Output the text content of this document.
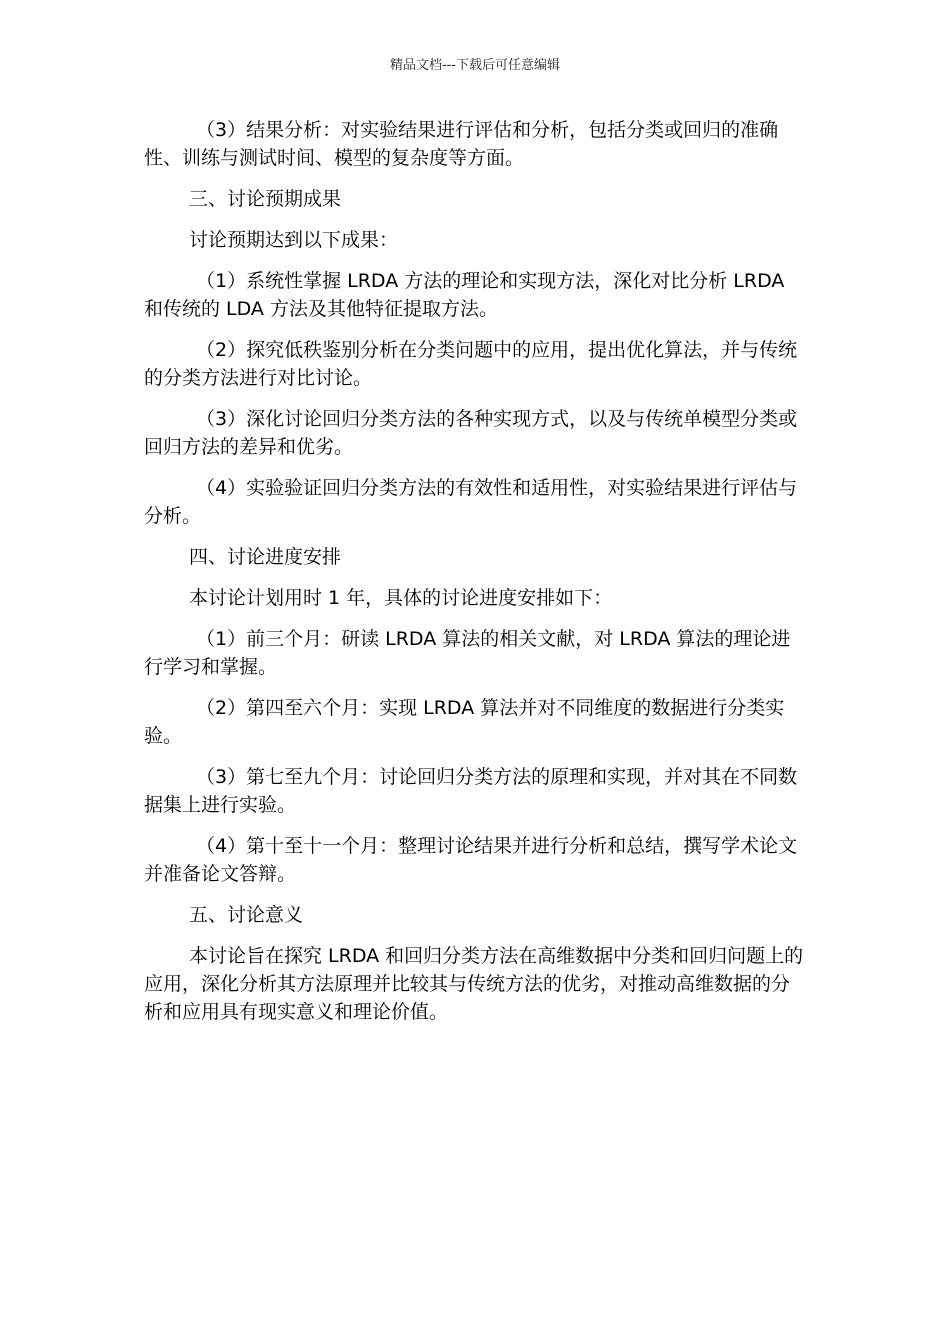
精品文档---下载后可任意编辑

（3）结果分析：对实验结果进行评估和分析，包括分类或回归的准确性、训练与测试时间、模型的复杂度等方面。

三、讨论预期成果

讨论预期达到以下成果：

（1）系统性掌握 LRDA 方法的理论和实现方法，深化对比分析 LRDA 和传统的 LDA 方法及其他特征提取方法。

（2）探究低秩鉴别分析在分类问题中的应用，提出优化算法，并与传统的分类方法进行对比讨论。

（3）深化讨论回归分类方法的各种实现方式，以及与传统单模型分类或回归方法的差异和优劣。

（4）实验验证回归分类方法的有效性和适用性，对实验结果进行评估与分析。

四、讨论进度安排

本讨论计划用时 1 年，具体的讨论进度安排如下：

（1）前三个月：研读 LRDA 算法的相关文献，对 LRDA 算法的理论进行学习和掌握。

（2）第四至六个月：实现 LRDA 算法并对不同维度的数据进行分类实验。

（3）第七至九个月：讨论回归分类方法的原理和实现，并对其在不同数据集上进行实验。

（4）第十至十一个月：整理讨论结果并进行分析和总结，撰写学术论文并准备论文答辩。

五、讨论意义

本讨论旨在探究 LRDA 和回归分类方法在高维数据中分类和回归问题上的应用，深化分析其方法原理并比较其与传统方法的优劣，对推动高维数据的分析和应用具有现实意义和理论价值。
